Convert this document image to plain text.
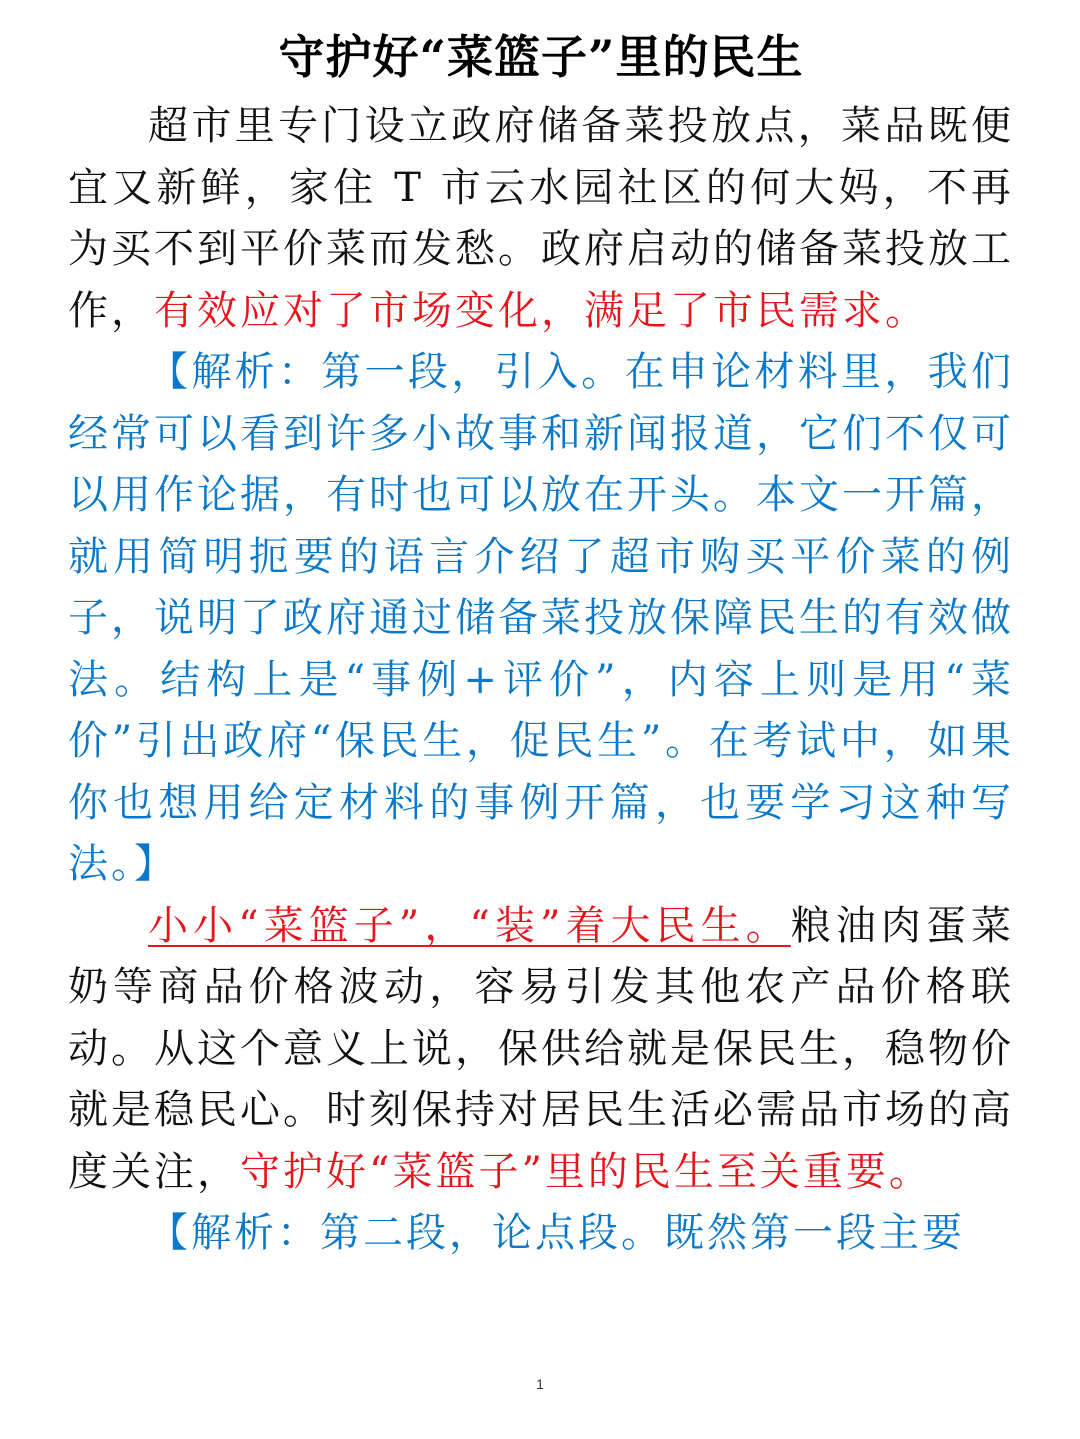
守护好“菜篮子”里的民生

超市里专门设立政府储备菜投放点，菜品既便宜又新鲜，家住 T 市云水园社区的何大妈，不再为买不到平价菜而发愁。政府启动的储备菜投放工作，有效应对了市场变化，满足了市民需求。

【解析：第一段，引入。在申论材料里，我们经常可以看到许多小故事和新闻报道，它们不仅可以用作论据，有时也可以放在开头。本文一开篇，就用简明扼要的语言介绍了超市购买平价菜的例子，说明了政府通过储备菜投放保障民生的有效做法。结构上是“事例+评价”，内容上则是用“菜价”引出政府“保民生，促民生”。在考试中，如果你也想用给定材料的事例开篇，也要学习这种写法。】

小小“菜篮子”，“装”着大民生。粮油肉蛋菜奶等商品价格波动，容易引发其他农产品价格联动。从这个意义上说，保供给就是保民生，稳物价就是稳民心。时刻保持对居民生活必需品市场的高度关注，守护好“菜篮子”里的民生至关重要。

【解析：第二段，论点段。既然第一段主要

1
